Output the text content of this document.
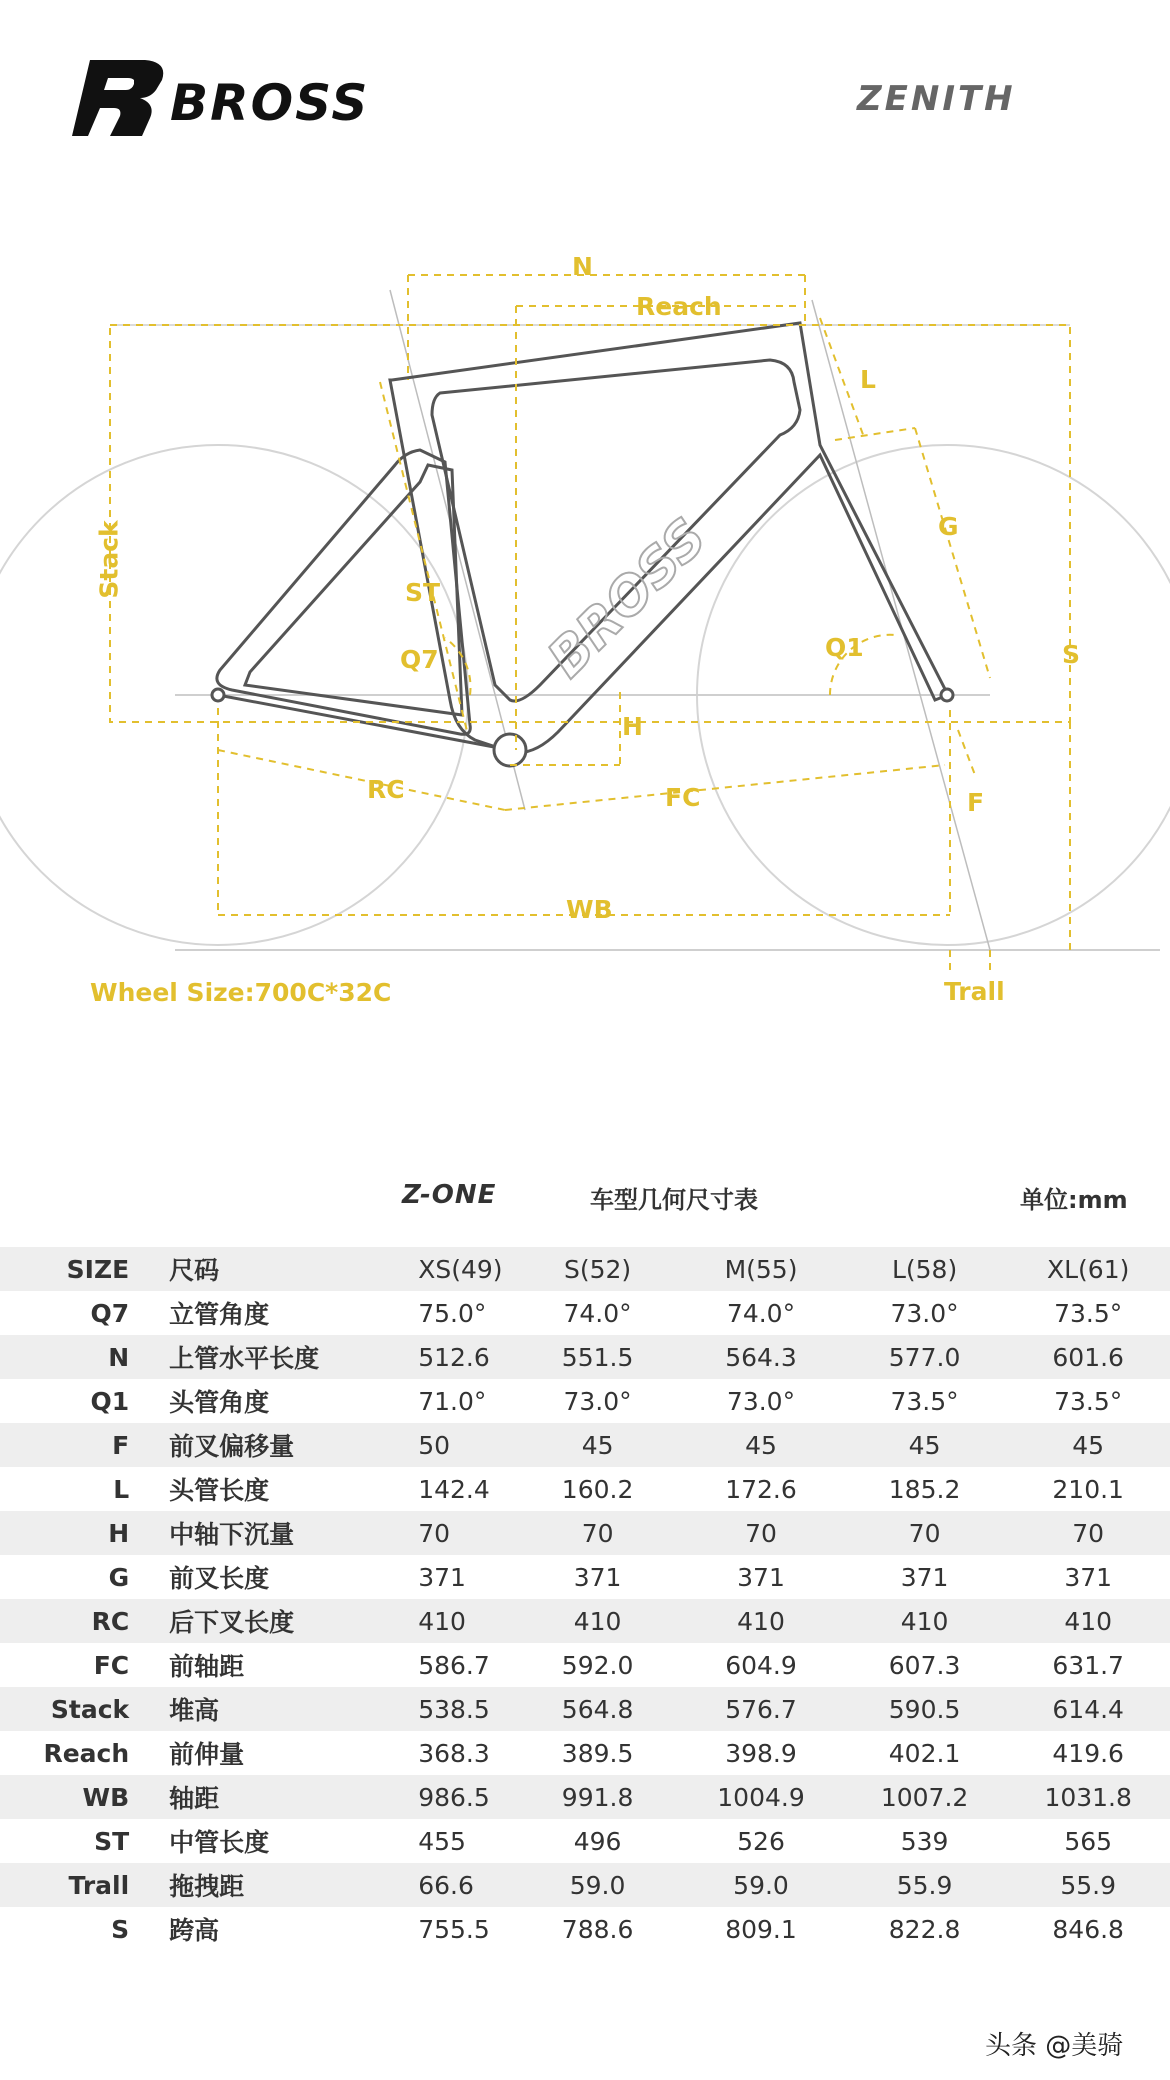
BROSS	ZENITH
BROSS
N
Reach
L
G
Stack	ST
Q7	Q1	S
H
RC	FC	F
WB
Trall
Wheel Size:700C*32C
Z-ONE	车型几何尺寸表	单位:mm
SIZE	尺码	XS(49)	S(52)	M(55)	L(58)	XL(61)
Q7	立管角度	75.0°	74.0°	74.0°	73.0°	73.5°
N	上管水平长度	512.6	551.5	564.3	577.0	601.6
Q1	头管角度	71.0°	73.0°	73.0°	73.5°	73.5°
F	前叉偏移量	50	45	45	45	45
L	头管长度	142.4	160.2	172.6	185.2	210.1
H	中轴下沉量	70	70	70	70	70
G	前叉长度	371	371	371	371	371
RC	后下叉长度	410	410	410	410	410
FC	前轴距	586.7	592.0	604.9	607.3	631.7
Stack	堆高	538.5	564.8	576.7	590.5	614.4
Reach	前伸量	368.3	389.5	398.9	402.1	419.6
WB	轴距	986.5	991.8	1004.9	1007.2	1031.8
ST	中管长度	455	496	526	539	565
Trall	拖拽距	66.6	59.0	59.0	55.9	55.9
S	跨高	755.5	788.6	809.1	822.8	846.8
头条 @美骑
